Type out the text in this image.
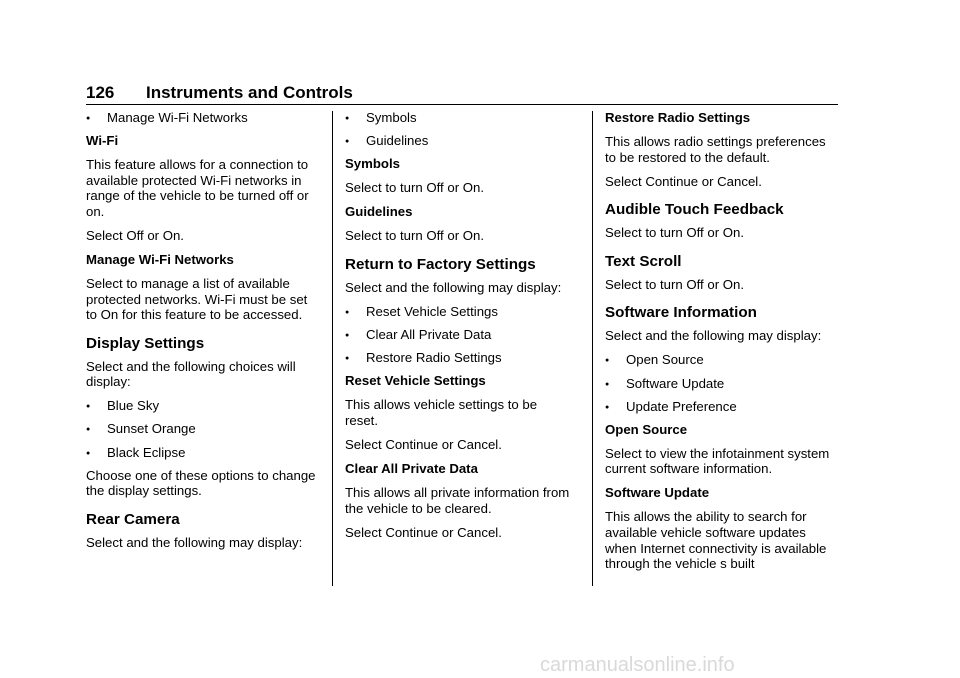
126 Instruments and Controls
● Manage Wi-Fi Networks
Wi-Fi
This feature allows for a connection to available protected Wi-Fi networks in range of the vehicle to be turned off or on.
Select Off or On.
Manage Wi-Fi Networks
Select to manage a list of available protected networks. Wi-Fi must be set to On for this feature to be accessed.
Display Settings
Select and the following choices will display:
● Blue Sky
● Sunset Orange
● Black Eclipse
Choose one of these options to change the display settings.
Rear Camera
Select and the following may display:
● Symbols
● Guidelines
Symbols
Select to turn Off or On.
Guidelines
Select to turn Off or On.
Return to Factory Settings
Select and the following may display:
● Reset Vehicle Settings
● Clear All Private Data
● Restore Radio Settings
Reset Vehicle Settings
This allows vehicle settings to be reset.
Select Continue or Cancel.
Clear All Private Data
This allows all private information from the vehicle to be cleared.
Select Continue or Cancel.
Restore Radio Settings
This allows radio settings preferences to be restored to the default.
Select Continue or Cancel.
Audible Touch Feedback
Select to turn Off or On.
Text Scroll
Select to turn Off or On.
Software Information
Select and the following may display:
● Open Source
● Software Update
● Update Preference
Open Source
Select to view the infotainment system current software information.
Software Update
This allows the ability to search for available vehicle software updates when Internet connectivity is available through the vehicle s built
carmanualsonline.info
